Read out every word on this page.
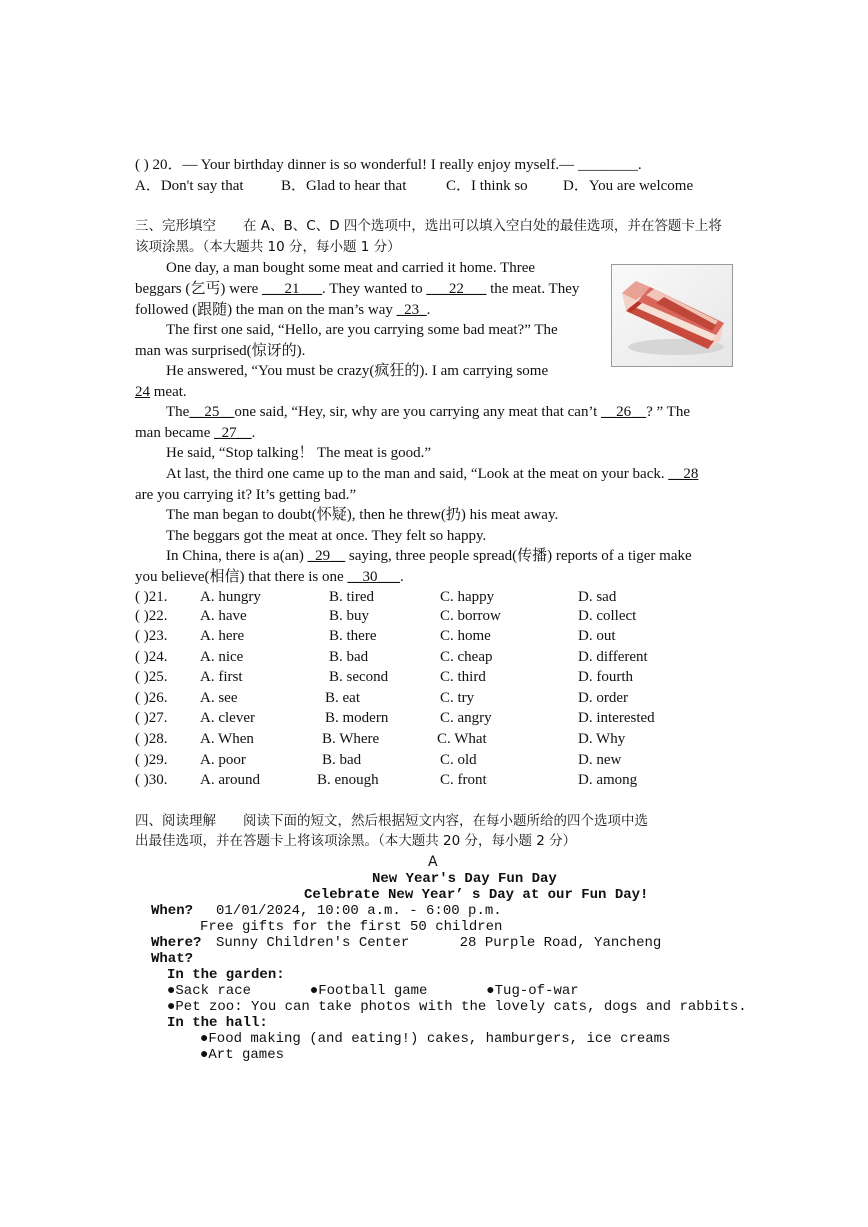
( ) 20．— Your birthday dinner is so wonderful! I really enjoy myself.— ________.
A．Don't say that B．Glad to hear that	C．I think so D．You are welcome
三、完形填空　　在 A、B、C、D 四个选项中，选出可以填入空白处的最佳选项，并在答题卡上将
该项涂黑。（本大题共 10 分，每小题 1 分）
One day, a man bought some meat and carried it home. Three
beggars (乞丐) were ___21___. They wanted to ___22___ the meat. They
followed (跟随) the man on the man’s way _23_.
The first one said, “Hello, are you carrying some bad meat?” The
man was surprised(惊讶的).
He answered, “You must be crazy(疯狂的). I am carrying some
24 meat.
The__25__one said, “Hey, sir, why are you carrying any meat that can’t __26__? ” The
man became _27__.
He said, “Stop talking！ The meat is good.”
At last, the third one came up to the man and said, “Look at the meat on your back. __28
are you carrying it? It’s getting bad.”
The man began to doubt(怀疑), then he threw(扔) his meat away.
The beggars got the meat at once. They felt so happy.
In China, there is a(an) _29__ saying, three people spread(传播) reports of a tiger make
you believe(相信) that there is one __30___.
( )21. A. hungry	B. tired	C. happy	D. sad
( )22. A. have	B. buy	C. borrow	D. collect
( )23. A. here	B. there	C. home	D. out
( )24. A. nice	B. bad	C. cheap	D. different
( )25. A. first	B. second	C. third	D. fourth
( )26. A. see	B. eat	C. try	D. order
( )27. A. clever	B. modern	C. angry	D. interested
( )28. A. When	B. Where	C. What	D. Why
( )29. A. poor	B. bad	C. old	D. new
( )30. A. around	B. enough	C. front	D. among
四、阅读理解　　阅读下面的短文，然后根据短文内容，在每小题所给的四个选项中选
出最佳选项，并在答题卡上将该项涂黑。（本大题共 20 分，每小题 2 分）
A
New Year's Day Fun Day
Celebrate New Year’ s Day at our Fun Day!
When? 01/01/2024, 10:00 a.m. - 6:00 p.m.
Free gifts for the first 50 children
Where? Sunny Children's Center      28 Purple Road, Yancheng
What?
In the garden:
●Sack race       ●Football game       ●Tug-of-war
●Pet zoo: You can take photos with the lovely cats, dogs and rabbits.
In the hall:
●Food making (and eating!) cakes, hamburgers, ice creams
●Art games
